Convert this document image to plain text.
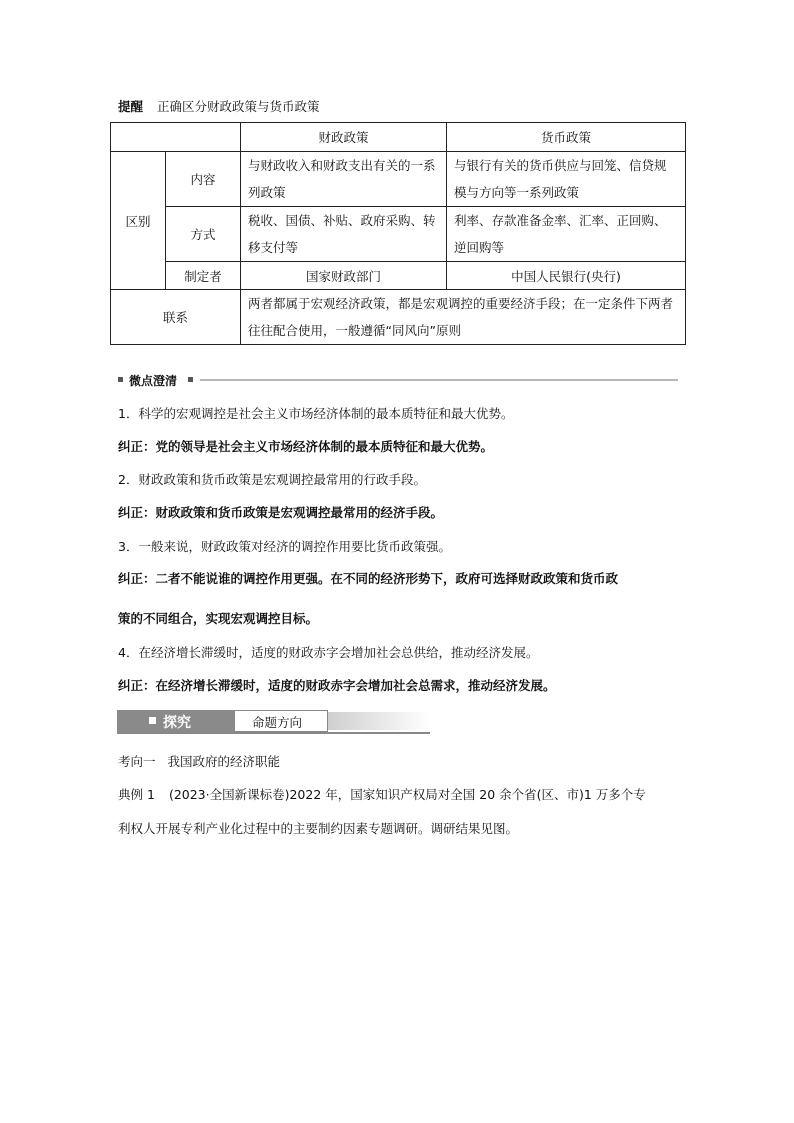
提醒 正确区分财政政策与货币政策
		财政政策	货币政策
区别	内容	与财政收入和财政支出有关的一系列政策	与银行有关的货币供应与回笼、信贷规模与方向等一系列政策
	方式	税收、国债、补贴、政府采购、转移支付等	利率、存款准备金率、汇率、正回购、逆回购等
	制定者	国家财政部门	中国人民银行(央行)
联系		两者都属于宏观经济政策，都是宏观调控的重要经济手段；在一定条件下两者往往配合使用，一般遵循“同风向”原则	
微点澄清
1．科学的宏观调控是社会主义市场经济体制的最本质特征和最大优势。
纠正：党的领导是社会主义市场经济体制的最本质特征和最大优势。
2．财政政策和货币政策是宏观调控最常用的行政手段。
纠正：财政政策和货币政策是宏观调控最常用的经济手段。
3．一般来说，财政政策对经济的调控作用要比货币政策强。
纠正：二者不能说谁的调控作用更强。在不同的经济形势下，政府可选择财政政策和货币政
策的不同组合，实现宏观调控目标。
4．在经济增长滞缓时，适度的财政赤字会增加社会总供给，推动经济发展。
纠正：在经济增长滞缓时，适度的财政赤字会增加社会总需求，推动经济发展。
探究	命题方向
考向一 我国政府的经济职能
典例 1 (2023·全国新课标卷)2022 年，国家知识产权局对全国 20 余个省(区、市)1 万多个专
利权人开展专利产业化过程中的主要制约因素专题调研。调研结果见图。
